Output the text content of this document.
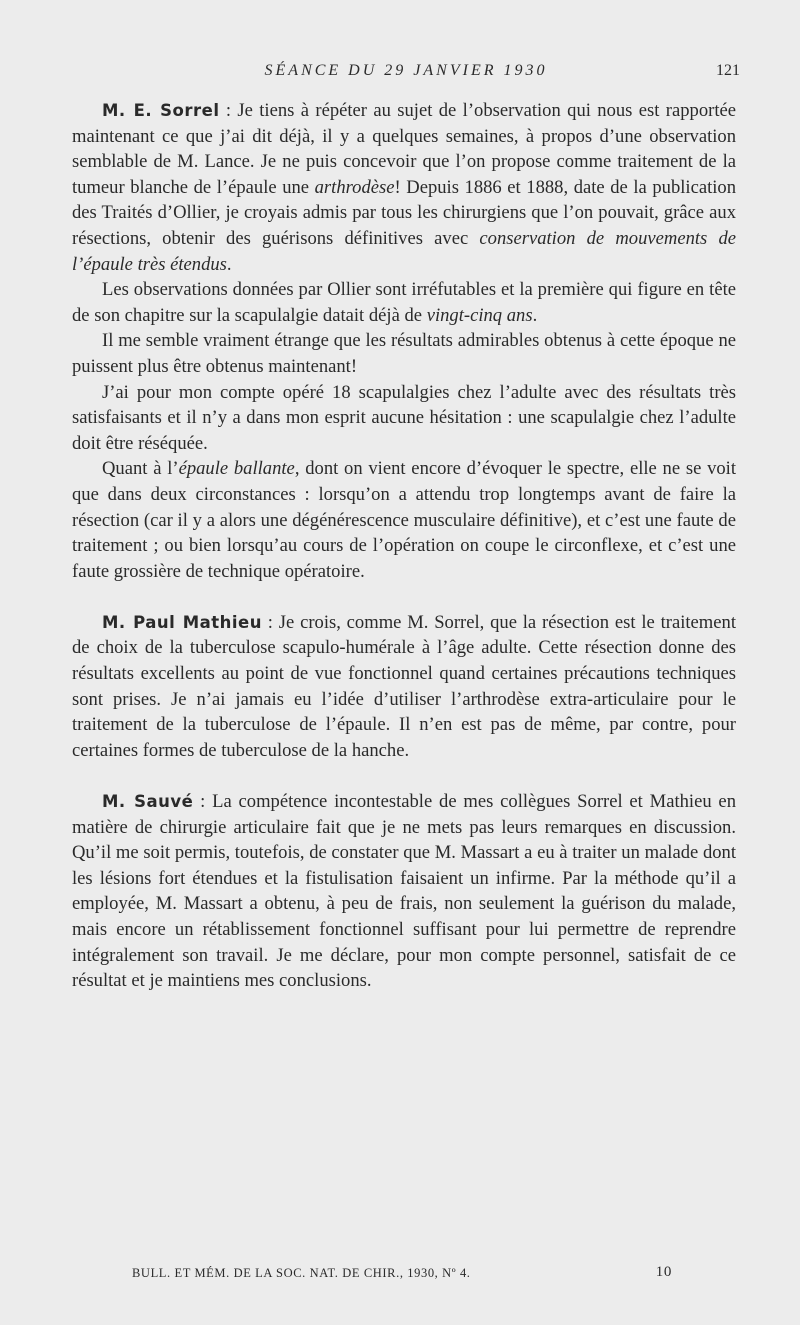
SÉANCE DU 29 JANVIER 1930	121

M. E. Sorrel : Je tiens à répéter au sujet de l’observation qui nous est rapportée maintenant ce que j’ai dit déjà, il y a quelques semaines, à propos d’une observation semblable de M. Lance. Je ne puis concevoir que l’on propose comme traitement de la tumeur blanche de l’épaule une arthrodèse! Depuis 1886 et 1888, date de la publication des Traités d’Ollier, je croyais admis par tous les chirurgiens que l’on pouvait, grâce aux résections, obtenir des guérisons définitives avec conservation de mouvements de l’épaule très étendus.

Les observations données par Ollier sont irréfutables et la première qui figure en tête de son chapitre sur la scapulalgie datait déjà de vingt-cinq ans.

Il me semble vraiment étrange que les résultats admirables obtenus à cette époque ne puissent plus être obtenus maintenant!

J’ai pour mon compte opéré 18 scapulalgies chez l’adulte avec des résultats très satisfaisants et il n’y a dans mon esprit aucune hésitation : une scapulalgie chez l’adulte doit être réséquée.

Quant à l’épaule ballante, dont on vient encore d’évoquer le spectre, elle ne se voit que dans deux circonstances : lorsqu’on a attendu trop longtemps avant de faire la résection (car il y a alors une dégénérescence musculaire définitive), et c’est une faute de traitement ; ou bien lorsqu’au cours de l’opération on coupe le circonflexe, et c’est une faute grossière de technique opératoire.

M. Paul Mathieu : Je crois, comme M. Sorrel, que la résection est le traitement de choix de la tuberculose scapulo-humérale à l’âge adulte. Cette résection donne des résultats excellents au point de vue fonctionnel quand certaines précautions techniques sont prises. Je n’ai jamais eu l’idée d’utiliser l’arthrodèse extra-articulaire pour le traitement de la tuberculose de l’épaule. Il n’en est pas de même, par contre, pour certaines formes de tuberculose de la hanche.

M. Sauvé : La compétence incontestable de mes collègues Sorrel et Mathieu en matière de chirurgie articulaire fait que je ne mets pas leurs remarques en discussion. Qu’il me soit permis, toutefois, de constater que M. Massart a eu à traiter un malade dont les lésions fort étendues et la fistulisation faisaient un infirme. Par la méthode qu’il a employée, M. Massart a obtenu, à peu de frais, non seulement la guérison du malade, mais encore un rétablissement fonctionnel suffisant pour lui permettre de reprendre intégralement son travail. Je me déclare, pour mon compte personnel, satisfait de ce résultat et je maintiens mes conclusions.

BULL. ET MÉM. DE LA SOC. NAT. DE CHIR., 1930, Nº 4.	10
